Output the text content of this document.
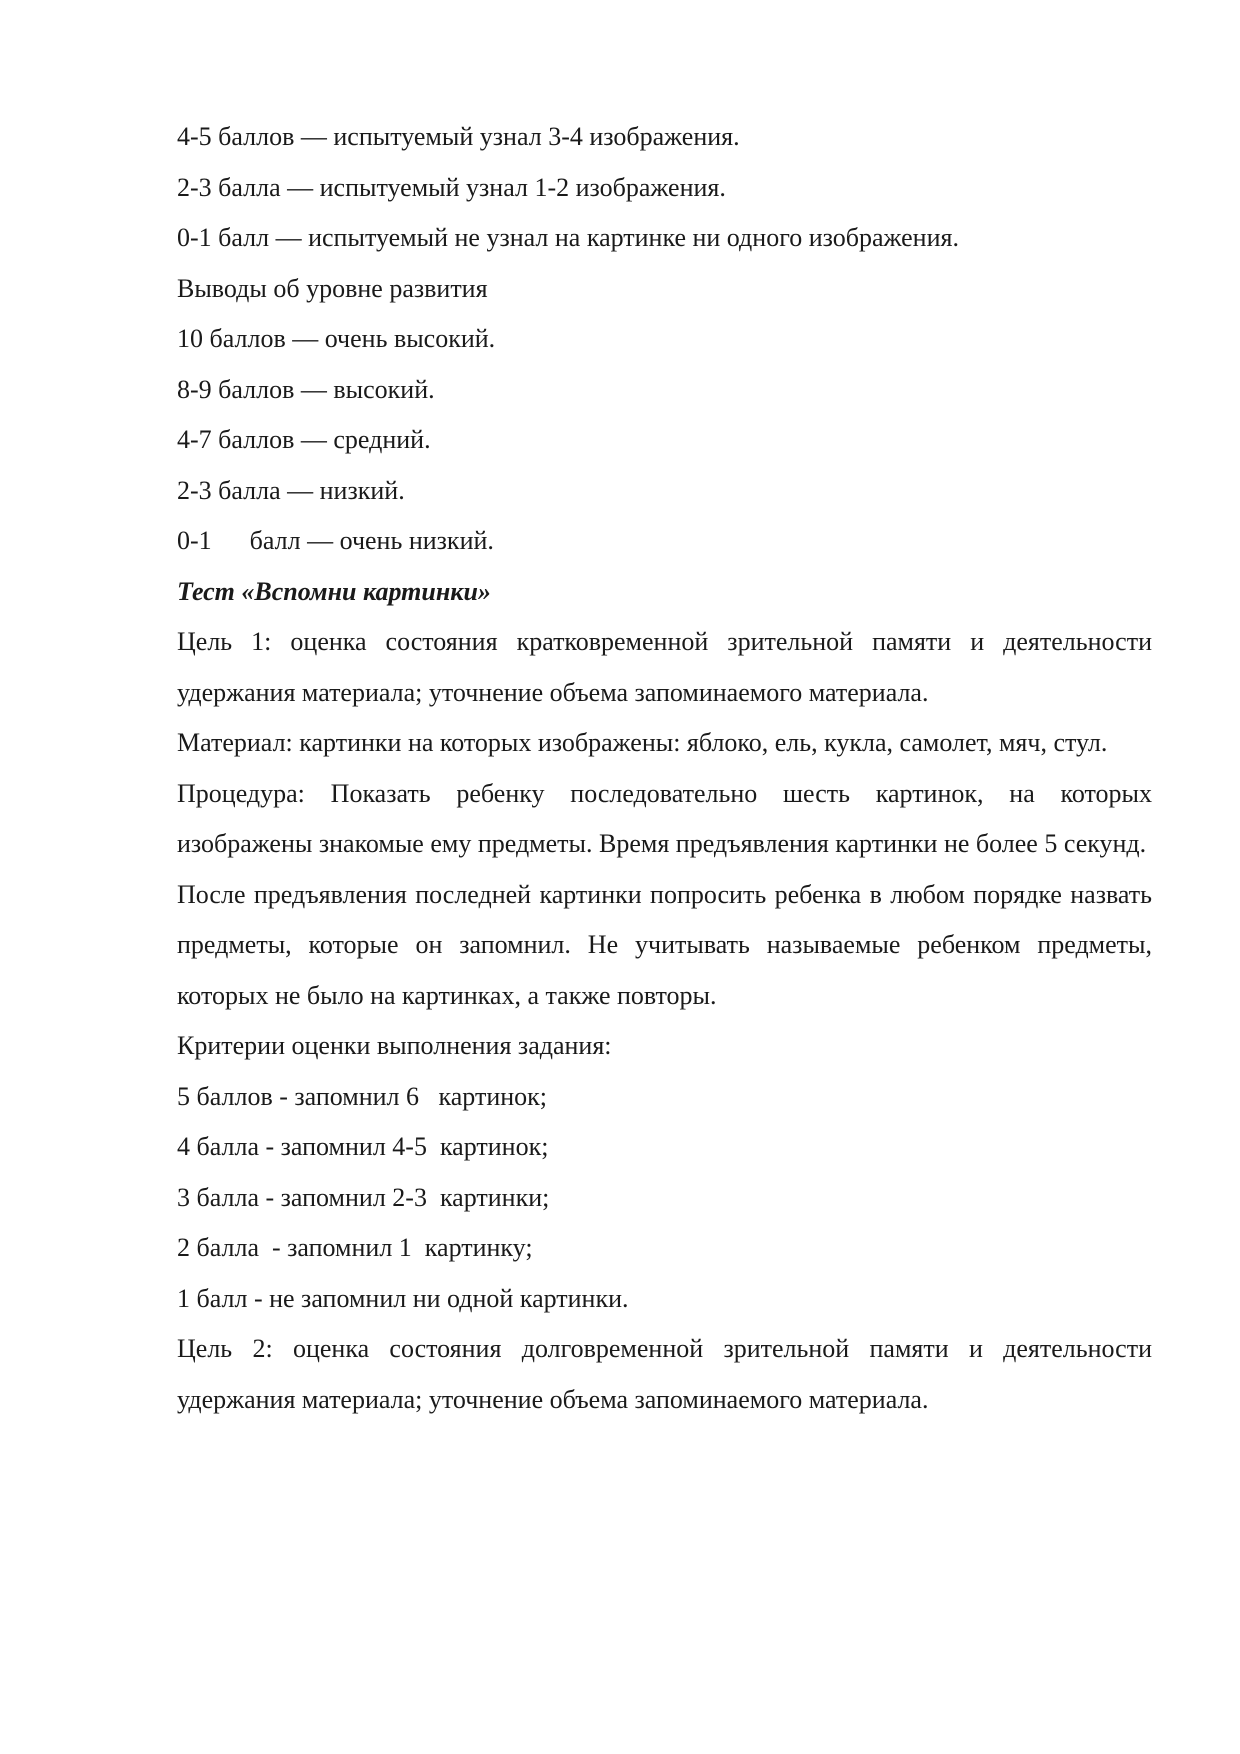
4-5 баллов — испытуемый узнал 3-4 изображения.

2-3 балла — испытуемый узнал 1-2 изображения.

0-1 балл — испытуемый не узнал на картинке ни одного изображения.

Выводы об уровне развития

10 баллов — очень высокий.

8-9 баллов — высокий.

4-7 баллов — средний.

2-3 балла — низкий.

0-1 балл — очень низкий.

Тест «Вспомни картинки»

Цель 1: оценка состояния кратковременной зрительной памяти и деятельности удержания материала; уточнение объема запоминаемого материала.

Материал: картинки на которых изображены: яблоко, ель, кукла, самолет, мяч, стул.

Процедура: Показать ребенку последовательно шесть картинок, на которых изображены знакомые ему предметы. Время предъявления картинки не более 5 секунд.

После предъявления последней картинки попросить ребенка в любом порядке назвать предметы, которые он запомнил. Не учитывать называемые ребенком предметы, которых не было на картинках, а также повторы.

Критерии оценки выполнения задания:

5 баллов - запомнил 6   картинок;

4 балла - запомнил 4-5  картинок;

3 балла - запомнил 2-3  картинки;

2 балла  - запомнил 1  картинку;

1 балл - не запомнил ни одной картинки.

Цель 2: оценка состояния долговременной зрительной памяти и деятельности удержания материала; уточнение объема запоминаемого материала.
